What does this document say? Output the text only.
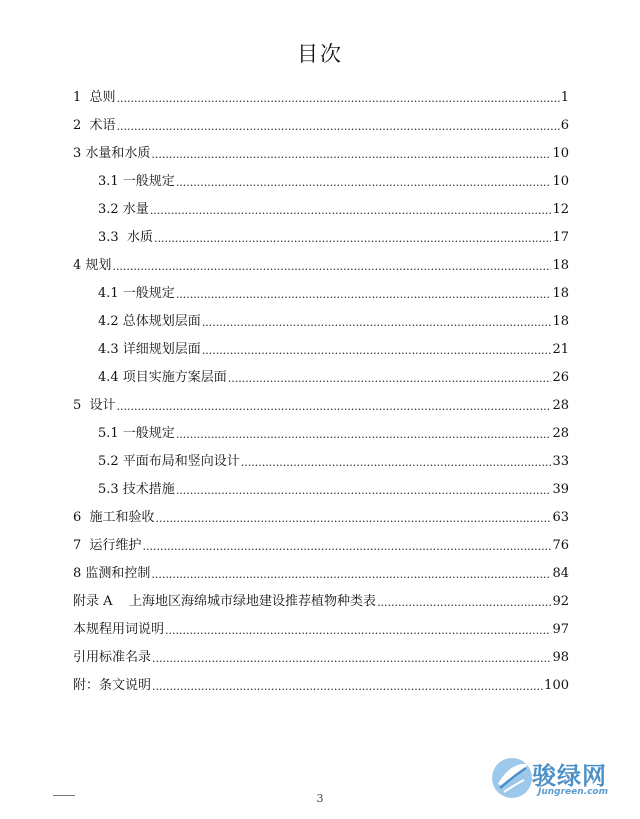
目次
1  总则 .....	1
2  术语 .....	6
3 水量和水质 .....	10
3.1 一般规定 .....	10
3.2 水量 .....	12
3.3  水质 .....	17
4 规划 .....	18
4.1 一般规定 .....	18
4.2 总体规划层面 .....	18
4.3 详细规划层面 .....	21
4.4 项目实施方案层面 .....	26
5  设计 .....	28
5.1 一般规定 .....	28
5.2 平面布局和竖向设计 .....	33
5.3 技术措施 .....	39
6  施工和验收 .....	63
7  运行维护 .....	76
8 监测和控制 .....	84
附录 A    上海地区海绵城市绿地建设推荐植物种类表 .....	92
本规程用词说明 .....	97
引用标准名录 .....	98
附：条文说明 .....	100
3
骏绿网
Jungreen.com
